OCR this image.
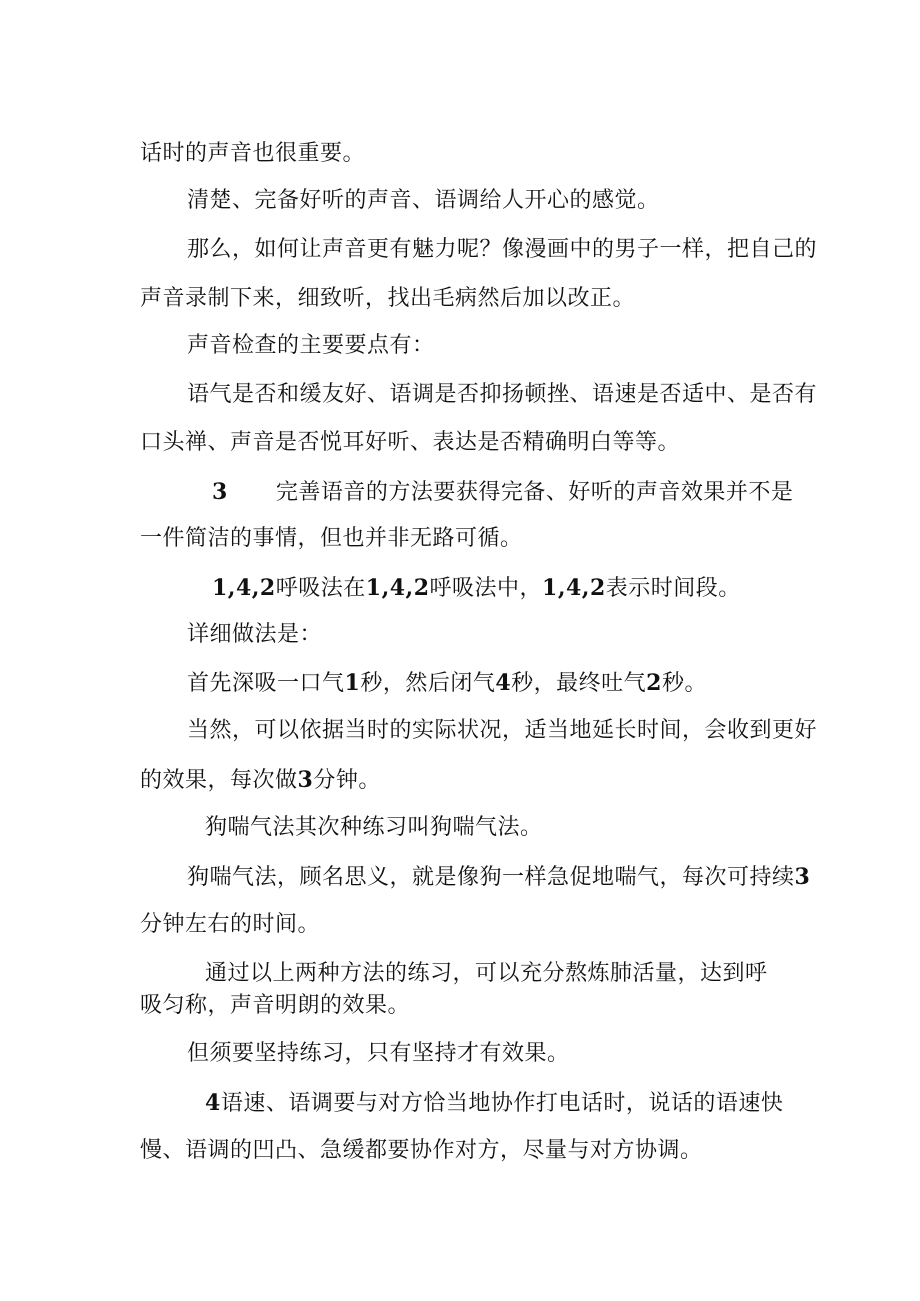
话时的声音也很重要。
清楚、完备好听的声音、语调给人开心的感觉。
那么，如何让声音更有魅力呢？像漫画中的男子一样，把自己的
声音录制下来，细致听，找出毛病然后加以改正。
声音检查的主要要点有：
语气是否和缓友好、语调是否抑扬顿挫、语速是否适中、是否有
口头禅、声音是否悦耳好听、表达是否精确明白等等。
3 完善语音的方法要获得完备、好听的声音效果并不是
一件简洁的事情，但也并非无路可循。
1,4,2呼吸法在1,4,2呼吸法中，1,4,2表示时间段。
详细做法是：
首先深吸一口气1秒，然后闭气4秒，最终吐气2秒。
当然，可以依据当时的实际状况，适当地延长时间，会收到更好
的效果，每次做3分钟。
狗喘气法其次种练习叫狗喘气法。
狗喘气法，顾名思义，就是像狗一样急促地喘气，每次可持续3
分钟左右的时间。
通过以上两种方法的练习，可以充分熬炼肺活量，达到呼
吸匀称，声音明朗的效果。
但须要坚持练习，只有坚持才有效果。
4语速、语调要与对方恰当地协作打电话时，说话的语速快
慢、语调的凹凸、急缓都要协作对方，尽量与对方协调。
